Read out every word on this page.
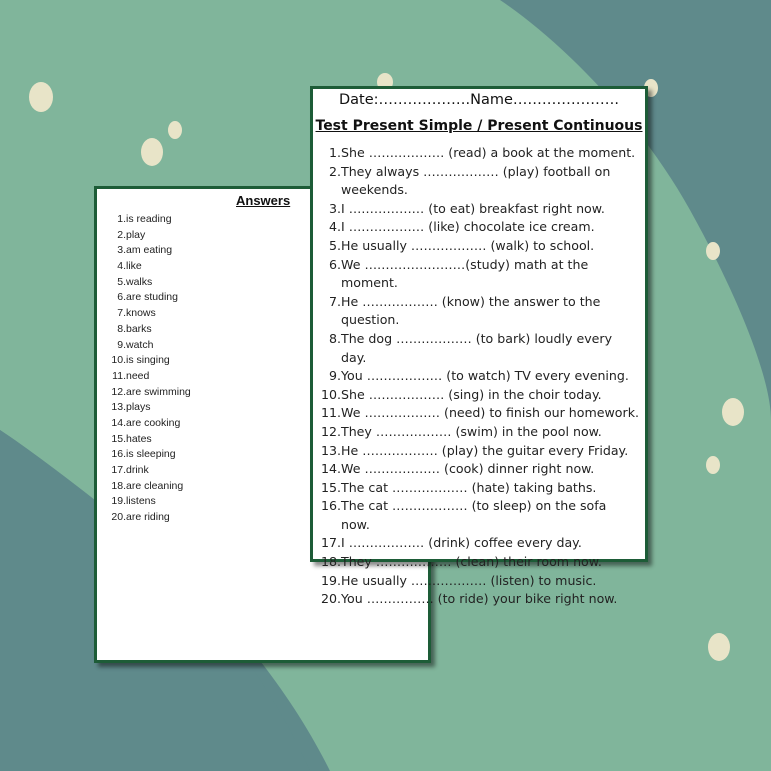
Answers
1. is reading
2. play
3. am eating
4. like
5. walks
6. are studing
7. knows
8. barks
9. watch
10. is singing
11. need
12. are swimming
13. plays
14. are cooking
15. hates
16. is sleeping
17. drink
18. are cleaning
19. listens
20. are riding
Date:……………….Name………………….
Test Present Simple / Present Continuous
1. She ……………… (read) a book at the moment.
2. They always ……………… (play) football on weekends.
3. I ……………… (to eat) breakfast right now.
4. I ……………… (like) chocolate ice cream.
5. He usually ……………… (walk) to school.
6. We ……………………(study) math at the moment.
7. He ……………… (know) the answer to the question.
8. The dog ……………… (to bark) loudly every day.
9. You ……………… (to watch) TV every evening.
10. She ……………… (sing) in the choir today.
11. We ……………… (need) to finish our homework.
12. They ……………… (swim) in the pool now.
13. He ……………… (play) the guitar every Friday.
14. We ……………… (cook) dinner right now.
15. The cat ……………… (hate) taking baths.
16. The cat ……………… (to sleep) on the sofa now.
17. I ……………… (drink) coffee every day.
18. They ……………… (clean) their room now.
19. He usually ……………… (listen) to music.
20. You ……………. (to ride) your bike right now.
